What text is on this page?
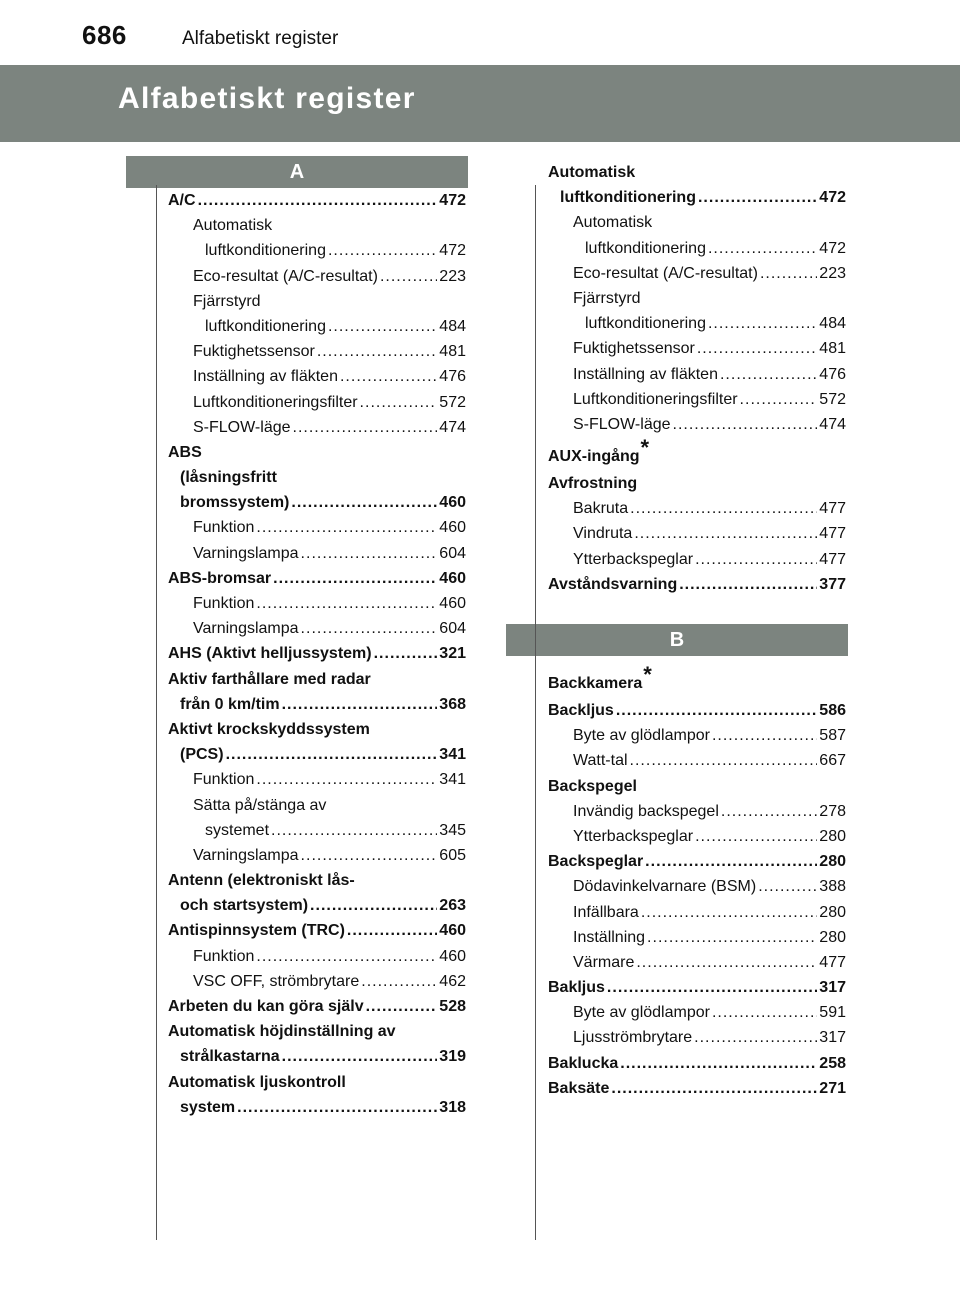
686	Alfabetiskt register
Alfabetiskt register
A
B
A/C .....	472
Automatisk
luftkonditionering .....	472
Eco-resultat (A/C-resultat) .....	223
Fjärrstyrd
luftkonditionering .....	484
Fuktighetssensor .....	481
Inställning av fläkten .....	476
Luftkonditioneringsfilter .....	572
S-FLOW-läge .....	474
ABS
(låsningsfritt
bromssystem) .....	460
Funktion .....	460
Varningslampa .....	604
ABS-bromsar .....	460
Funktion .....	460
Varningslampa .....	604
AHS (Aktivt helljussystem) .....	321
Aktiv farthållare med radar
från 0 km/tim .....	368
Aktivt krockskyddssystem
(PCS) .....	341
Funktion .....	341
Sätta på/stänga av
systemet .....	345
Varningslampa .....	605
Antenn (elektroniskt lås-
och startsystem) .....	263
Antispinnsystem (TRC) .....	460
Funktion .....	460
VSC OFF, strömbrytare .....	462
Arbeten du kan göra själv .....	528
Automatisk höjdinställning av
strålkastarna .....	319
Automatisk ljuskontroll
system .....	318
Automatisk
luftkonditionering .....	472
Automatisk
luftkonditionering .....	472
Eco-resultat (A/C-resultat) .....	223
Fjärrstyrd
luftkonditionering .....	484
Fuktighetssensor .....	481
Inställning av fläkten .....	476
Luftkonditioneringsfilter .....	572
S-FLOW-läge .....	474
AUX-ingång *
Avfrostning
Bakruta .....	477
Vindruta .....	477
Ytterbackspeglar .....	477
Avståndsvarning .....	377
Backkamera *
Backljus .....	586
Byte av glödlampor .....	587
Watt-tal .....	667
Backspegel
Invändig backspegel .....	278
Ytterbackspeglar .....	280
Backspeglar .....	280
Dödavinkelvarnare (BSM) .....	388
Infällbara .....	280
Inställning .....	280
Värmare .....	477
Bakljus .....	317
Byte av glödlampor .....	591
Ljusströmbrytare .....	317
Baklucka .....	258
Baksäte .....	271
